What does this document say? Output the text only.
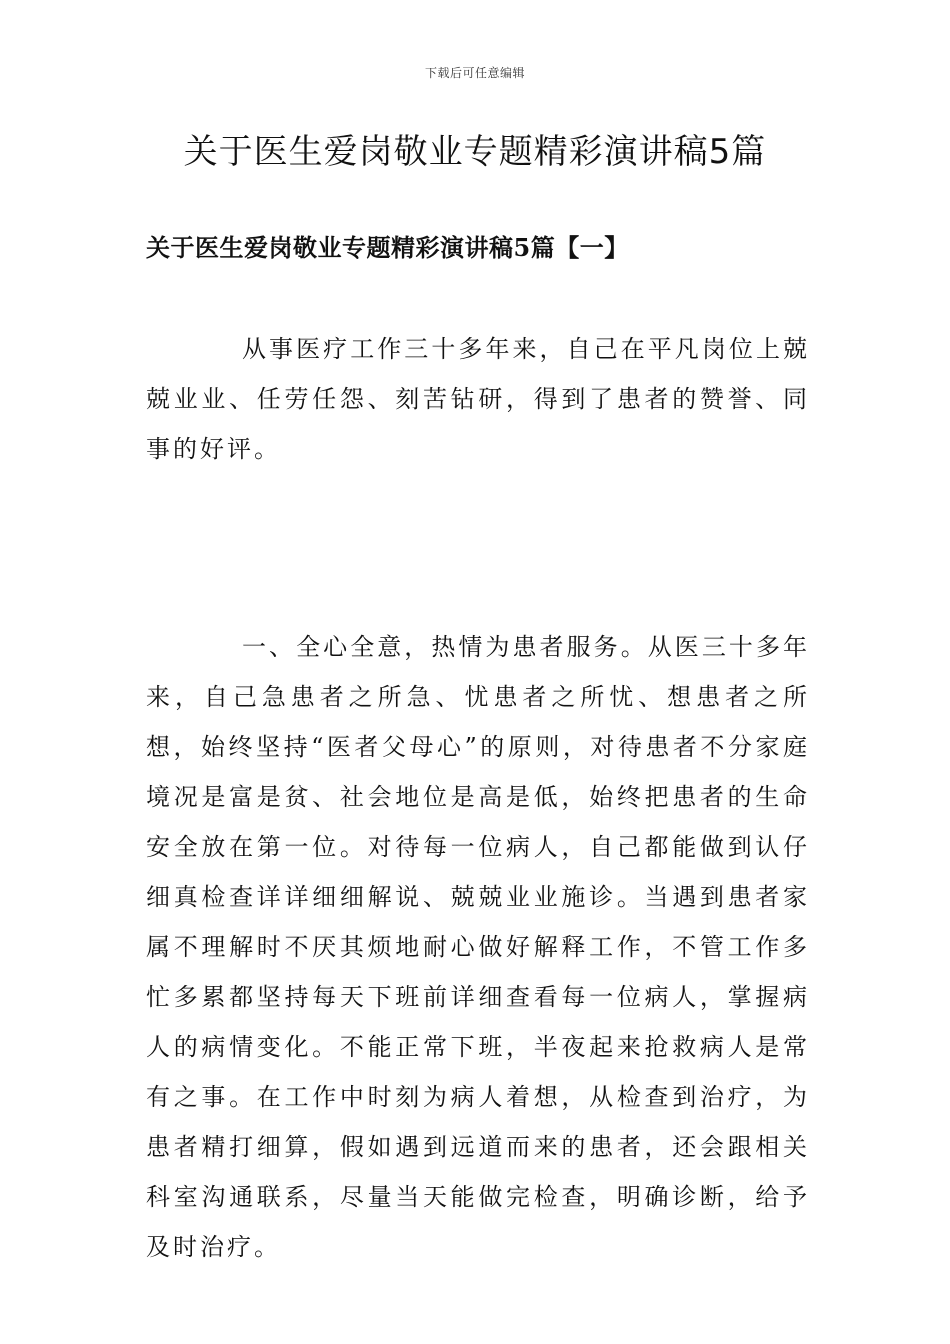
下载后可任意编辑
关于医生爱岗敬业专题精彩演讲稿5篇
关于医生爱岗敬业专题精彩演讲稿5篇【一】

从事医疗工作三十多年来，自己在平凡岗位上兢兢业业、任劳任怨、刻苦钻研，得到了患者的赞誉、同事的好评。

一、全心全意，热情为患者服务。从医三十多年来，自己急患者之所急、忧患者之所忧、想患者之所想，始终坚持“医者父母心”的原则，对待患者不分家庭境况是富是贫、社会地位是高是低，始终把患者的生命安全放在第一位。对待每一位病人，自己都能做到认仔细真检查详详细细解说、兢兢业业施诊。当遇到患者家属不理解时不厌其烦地耐心做好解释工作，不管工作多忙多累都坚持每天下班前详细查看每一位病人，掌握病人的病情变化。不能正常下班，半夜起来抢救病人是常有之事。在工作中时刻为病人着想，从检查到治疗，为患者精打细算，假如遇到远道而来的患者，还会跟相关科室沟通联系，尽量当天能做完检查，明确诊断，给予及时治疗。
